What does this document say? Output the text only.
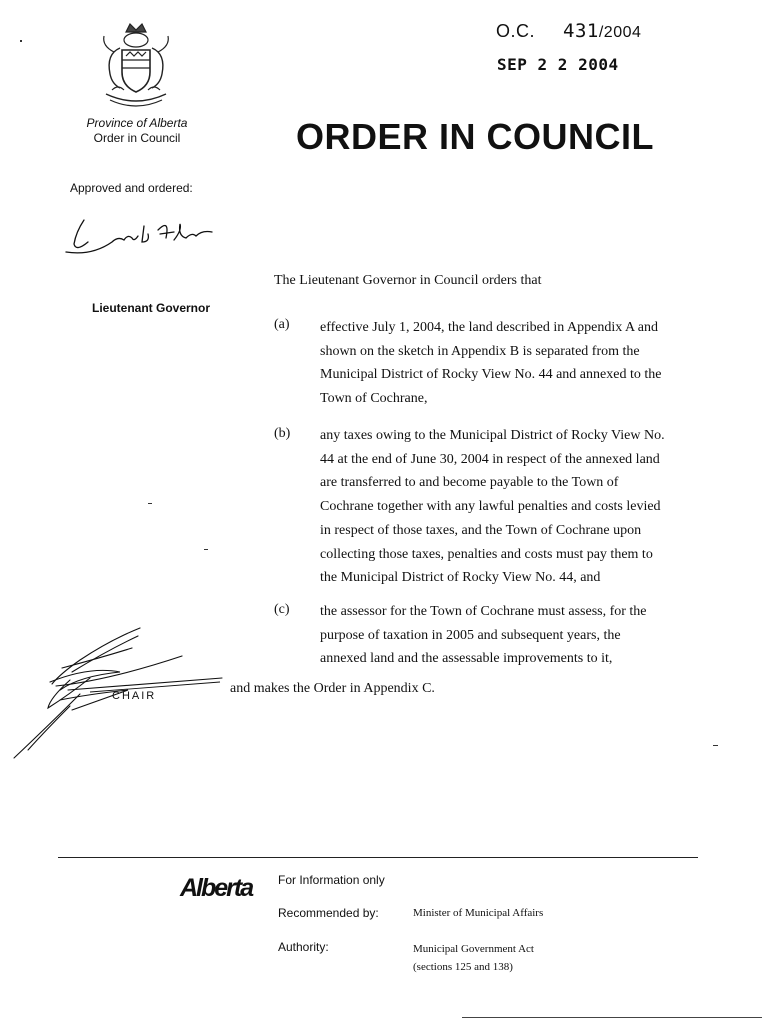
Province of Alberta
Order in Council
Approved and ordered:
Lieutenant Governor
O.C. 431/2004
SEP 2 2 2004
ORDER IN COUNCIL
The Lieutenant Governor in Council orders that
(a) effective July 1, 2004, the land described in Appendix A and
shown on the sketch in Appendix B is separated from the
Municipal District of Rocky View No. 44 and annexed to the
Town of Cochrane,
(b) any taxes owing to the Municipal District of Rocky View No.
44 at the end of June 30, 2004 in respect of the annexed land
are transferred to and become payable to the Town of
Cochrane together with any lawful penalties and costs levied
in respect of those taxes, and the Town of Cochrane upon
collecting those taxes, penalties and costs must pay them to
the Municipal District of Rocky View No. 44, and
(c) the assessor for the Town of Cochrane must assess, for the
purpose of taxation in 2005 and subsequent years, the
annexed land and the assessable improvements to it,
CHAIR	and makes the Order in Appendix C.
Alberta For Information only
Recommended by:	Minister of Municipal Affairs
Authority:	Municipal Government Act
(sections 125 and 138)
